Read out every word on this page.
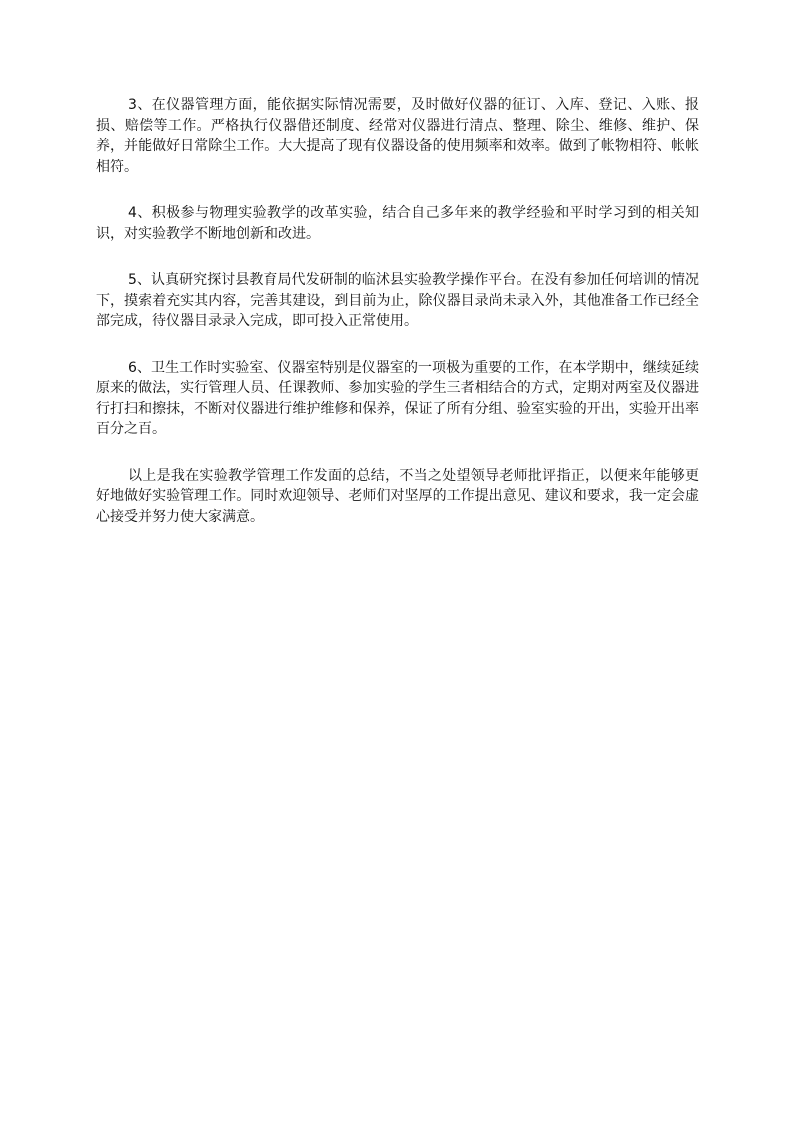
3、在仪器管理方面，能依据实际情况需要，及时做好仪器的征订、入库、登记、入账、报损、赔偿等工作。严格执行仪器借还制度、经常对仪器进行清点、整理、除尘、维修、维护、保养，并能做好日常除尘工作。大大提高了现有仪器设备的使用频率和效率。做到了帐物相符、帐帐相符。

4、积极参与物理实验教学的改革实验，结合自己多年来的教学经验和平时学习到的相关知识，对实验教学不断地创新和改进。

5、认真研究探讨县教育局代发研制的临沭县实验教学操作平台。在没有参加任何培训的情况下，摸索着充实其内容，完善其建设，到目前为止，除仪器目录尚未录入外，其他准备工作已经全部完成，待仪器目录录入完成，即可投入正常使用。

6、卫生工作时实验室、仪器室特别是仪器室的一项极为重要的工作，在本学期中，继续延续原来的做法，实行管理人员、任课教师、参加实验的学生三者相结合的方式，定期对两室及仪器进行打扫和擦抹，不断对仪器进行维护维修和保养，保证了所有分组、验室实验的开出，实验开出率百分之百。

以上是我在实验教学管理工作发面的总结，不当之处望领导老师批评指正，以便来年能够更好地做好实验管理工作。同时欢迎领导、老师们对坚厚的工作提出意见、建议和要求，我一定会虚心接受并努力使大家满意。
